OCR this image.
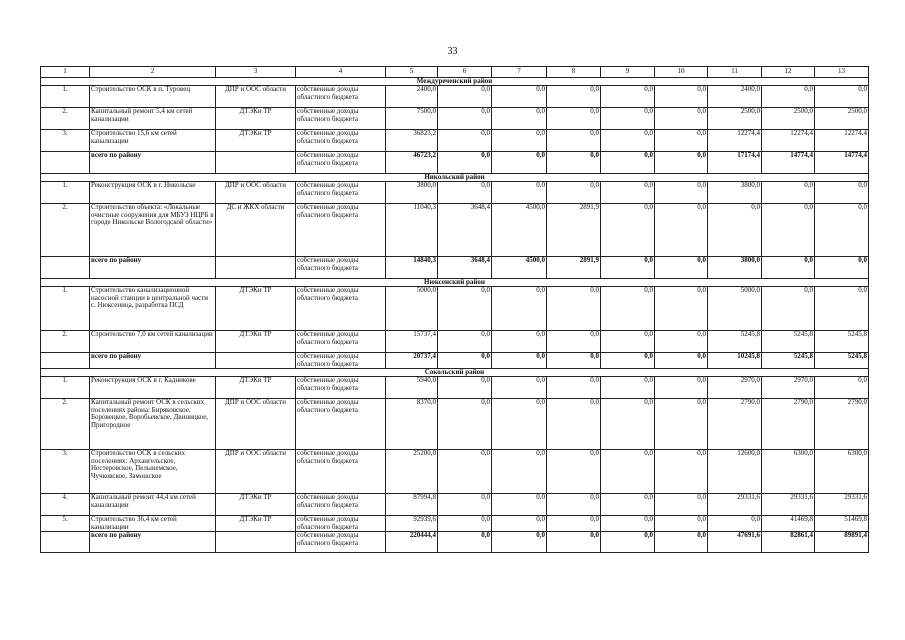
33
1	2	3	4	5	6	7	8	9	10	11	12	13
Междуреченский район												
1.	Строительство ОСК в п. Туровец	ДПР и ООС области	собственные доходы областного бюджета	2400,0	0,0	0,0	0,0	0,0	0,0	2400,0	0,0	0,0
2.	Капитальный ремонт 5,4 км сетей канализации	ДТЭКи ТР	собственные доходы областного бюджета	7500,0	0,0	0,0	0,0	0,0	0,0	2500,0	2500,0	2500,0
3.	Строительство 15,6 км сетей канализации	ДТЭКи ТР	собственные доходы областного бюджета	36823,2	0,0	0,0	0,0	0,0	0,0	12274,4	12274,4	12274,4
	всего по району		собственные доходы областного бюджета	46723,2	0,0	0,0	0,0	0,0	0,0	17174,4	14774,4	14774,4
Никольский район												
1.	Реконструкция ОСК в г. Никольске	ДПР и ООС области	собственные доходы областного бюджета	3800,0	0,0	0,0	0,0	0,0	0,0	3800,0	0,0	0,0
2.	Строительство объекта: «Локальные очистные сооружения для МБУЗ НЦРБ в городе Никольске Вологодской области»	ДС и ЖКХ области	собственные доходы областного бюджета	11040,3	3648,4	4500,0	2891,9	0,0	0,0	0,0	0,0	0,0
	всего по району		собственные доходы областного бюджета	14840,3	3648,4	4500,0	2891,9	0,0	0,0	3800,0	0,0	0,0
Нюксенский район												
1.	Строительство канализационной насосной станции в центральной части с. Нюксеница, разработка ПСД	ДТЭКи ТР	собственные доходы областного бюджета	5000,0	0,0	0,0	0,0	0,0	0,0	5000,0	0,0	0,0
2.	Строительство 7,0 км сетей канализации	ДТЭКи ТР	собственные доходы областного бюджета	15737,4	0,0	0,0	0,0	0,0	0,0	5245,8	5245,8	5245,8
	всего по району		собственные доходы областного бюджета	20737,4	0,0	0,0	0,0	0,0	0,0	10245,8	5245,8	5245,8
Сокольский район												
1.	Реконструкция ОСК в г. Кадникове	ДТЭКи ТР	собственные доходы областного бюджета	5940,0	0,0	0,0	0,0	0,0	0,0	2970,0	2970,0	0,0
2.	Капитальный ремонт ОСК в сельских поселениях района: Биряковское, Боровецкое, Воробьевское, Двиницкое, Пригородное	ДПР и ООС области	собственные доходы областного бюджета	8370,0	0,0	0,0	0,0	0,0	0,0	2790,0	2790,0	2790,0
3.	Строительство ОСК в сельских поселениях: Архангельское, Нестеровское, Пельшемское, Чучковское, Замошское	ДПР и ООС области	собственные доходы областного бюджета	25200,0	0,0	0,0	0,0	0,0	0,0	12600,0	6300,0	6300,0
4.	Капитальный ремонт 44,4 км сетей канализации	ДТЭКи ТР	собственные доходы областного бюджета	87994,8	0,0	0,0	0,0	0,0	0,0	29331,6	29331,6	29331,6
5.	Строительство 36,4 км сетей канализации	ДТЭКи ТР	собственные доходы областного бюджета	92939,6	0,0	0,0	0,0	0,0	0,0	0,0	41469,8	51469,8
	всего по району		собственные доходы областного бюджета	220444,4	0,0	0,0	0,0	0,0	0,0	47691,6	82861,4	89891,4
